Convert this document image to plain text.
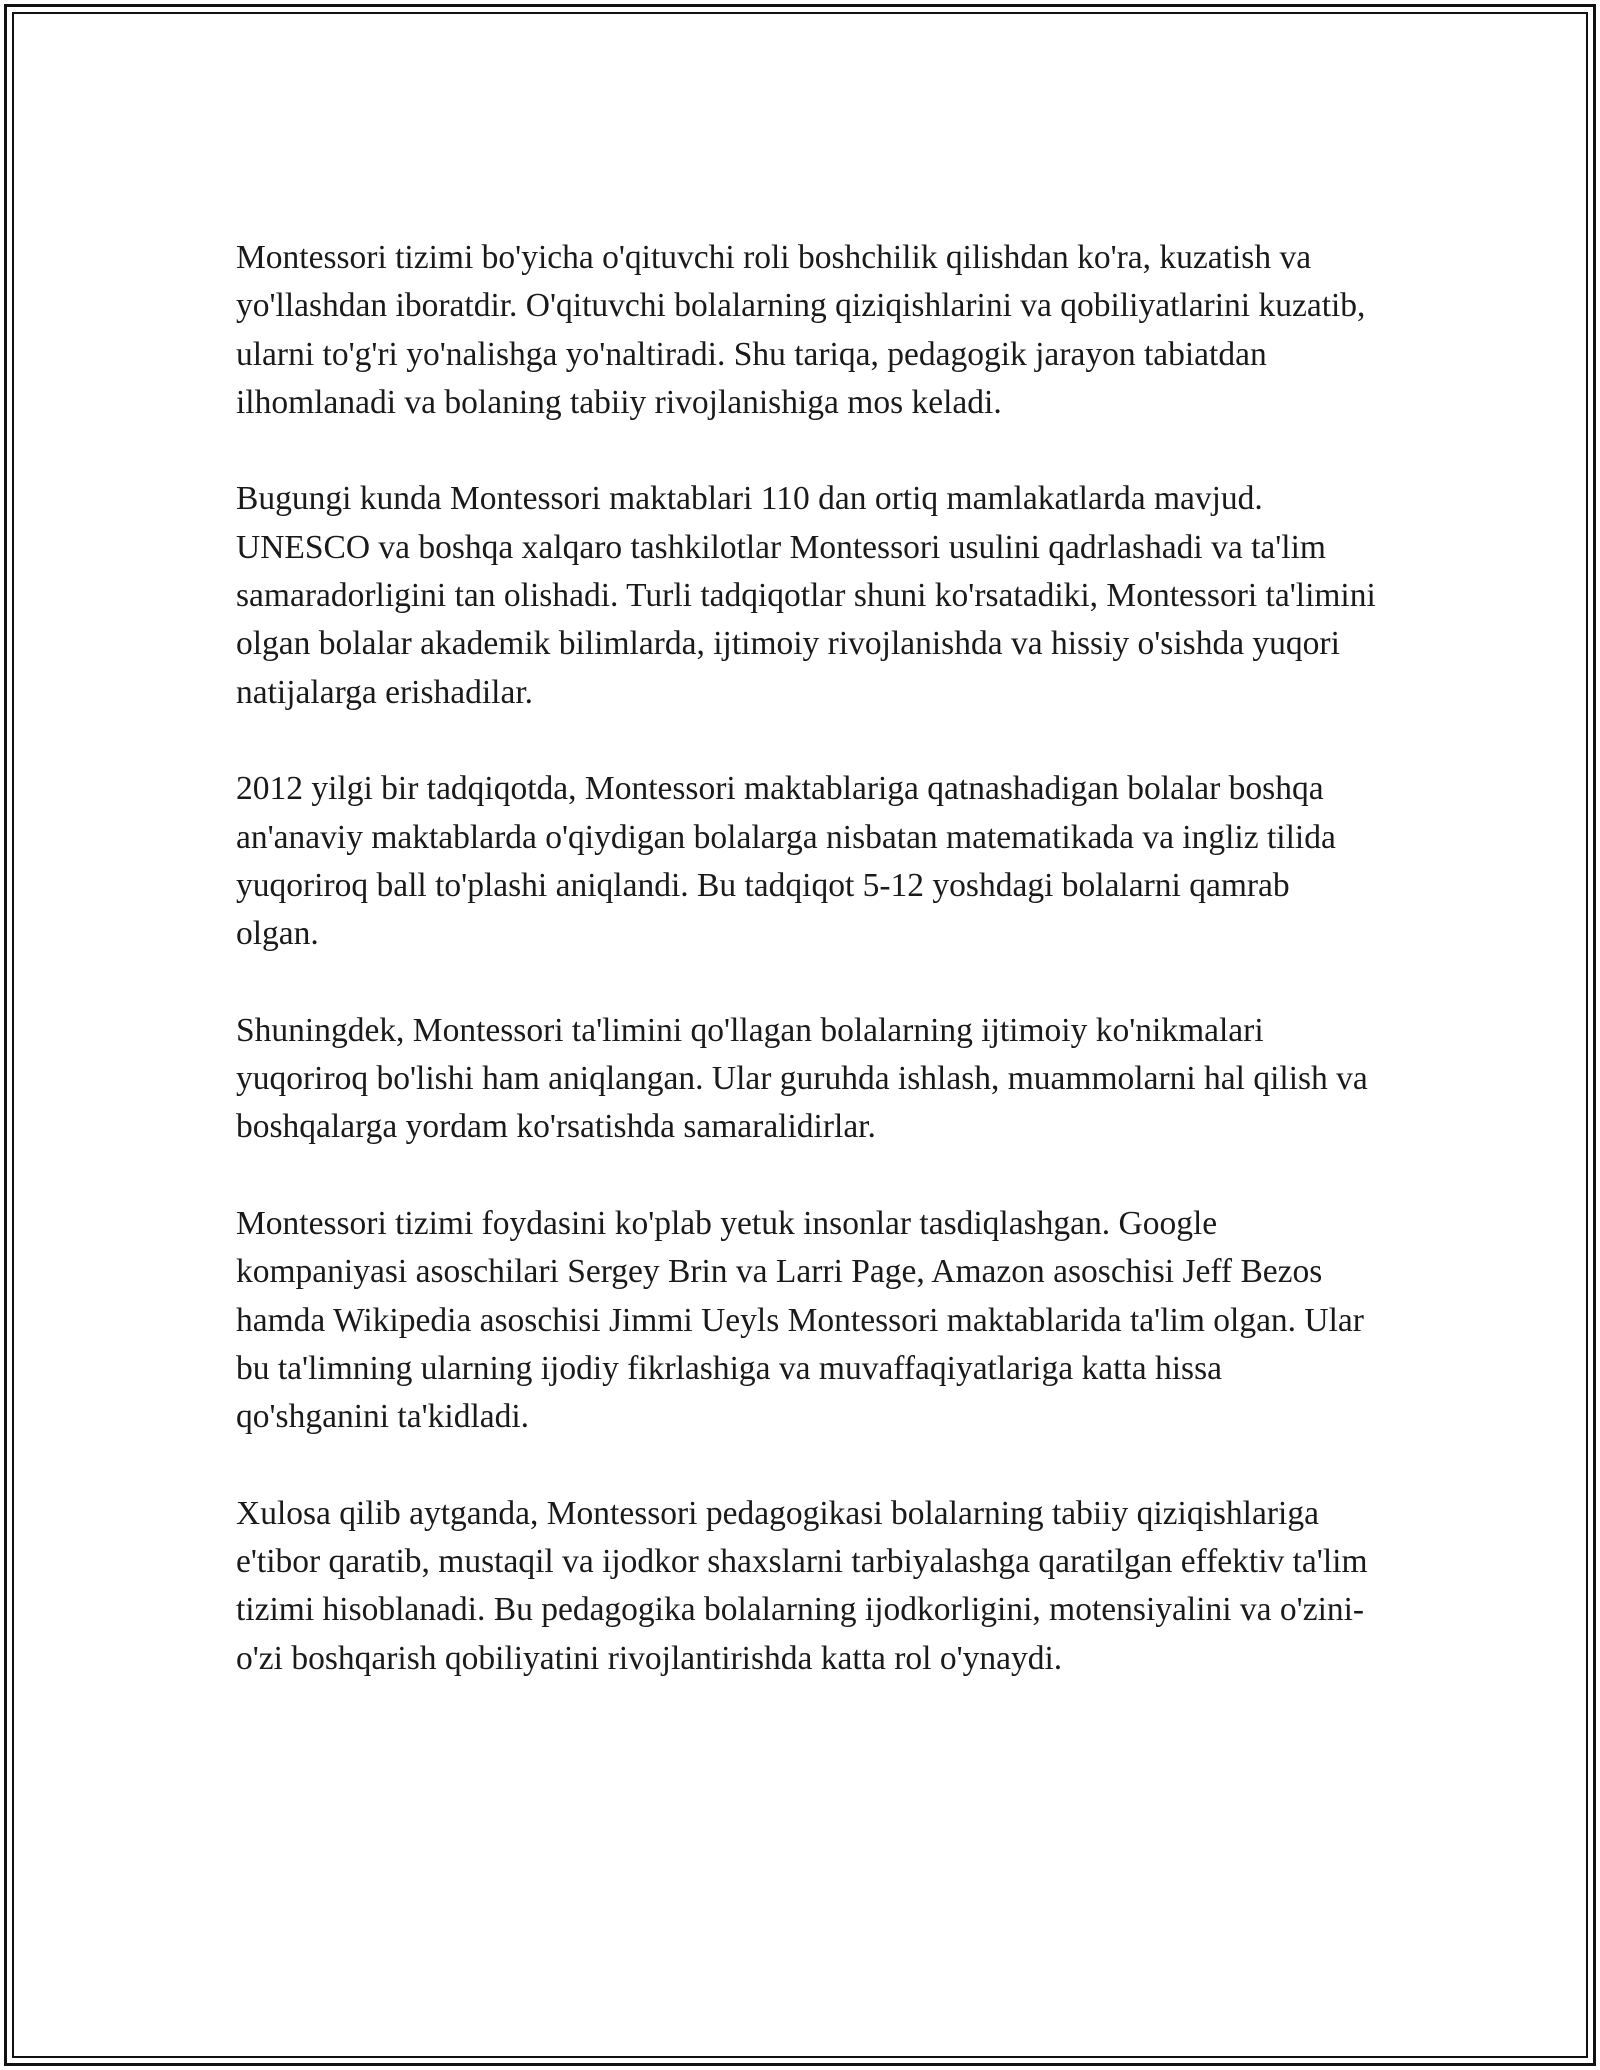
Montessori tizimi bo'yicha o'qituvchi roli boshchilik qilishdan ko'ra, kuzatish va yo'llashdan iboratdir. O'qituvchi bolalarning qiziqishlarini va qobiliyatlarini kuzatib, ularni to'g'ri yo'nalishga yo'naltiradi. Shu tariqa, pedagogik jarayon tabiatdan ilhomlanadi va bolaning tabiiy rivojlanishiga mos keladi.

Bugungi kunda Montessori maktablari 110 dan ortiq mamlakatlarda mavjud. UNESCO va boshqa xalqaro tashkilotlar Montessori usulini qadrlashadi va ta'lim samaradorligini tan olishadi. Turli tadqiqotlar shuni ko'rsatadiki, Montessori ta'limini olgan bolalar akademik bilimlarda, ijtimoiy rivojlanishda va hissiy o'sishda yuqori natijalarga erishadilar.

2012 yilgi bir tadqiqotda, Montessori maktablariga qatnashadigan bolalar boshqa an'anaviy maktablarda o'qiydigan bolalarga nisbatan matematikada va ingliz tilida yuqoriroq ball to'plashi aniqlandi. Bu tadqiqot 5-12 yoshdagi bolalarni qamrab olgan.

Shuningdek, Montessori ta'limini qo'llagan bolalarning ijtimoiy ko'nikmalari yuqoriroq bo'lishi ham aniqlangan. Ular guruhda ishlash, muammolarni hal qilish va boshqalarga yordam ko'rsatishda samaralidirlar.

Montessori tizimi foydasini ko'plab yetuk insonlar tasdiqlashgan. Google kompaniyasi asoschilari Sergey Brin va Larri Page, Amazon asoschisi Jeff Bezos hamda Wikipedia asoschisi Jimmi Ueyls Montessori maktablarida ta'lim olgan. Ular bu ta'limning ularning ijodiy fikrlashiga va muvaffaqiyatlariga katta hissa qo'shganini ta'kidladi.

Xulosa qilib aytganda, Montessori pedagogikasi bolalarning tabiiy qiziqishlariga e'tibor qaratib, mustaqil va ijodkor shaxslarni tarbiyalashga qaratilgan effektiv ta'lim tizimi hisoblanadi. Bu pedagogika bolalarning ijodkorligini, motensiyalini va o'zini-o'zi boshqarish qobiliyatini rivojlantirishda katta rol o'ynaydi.
